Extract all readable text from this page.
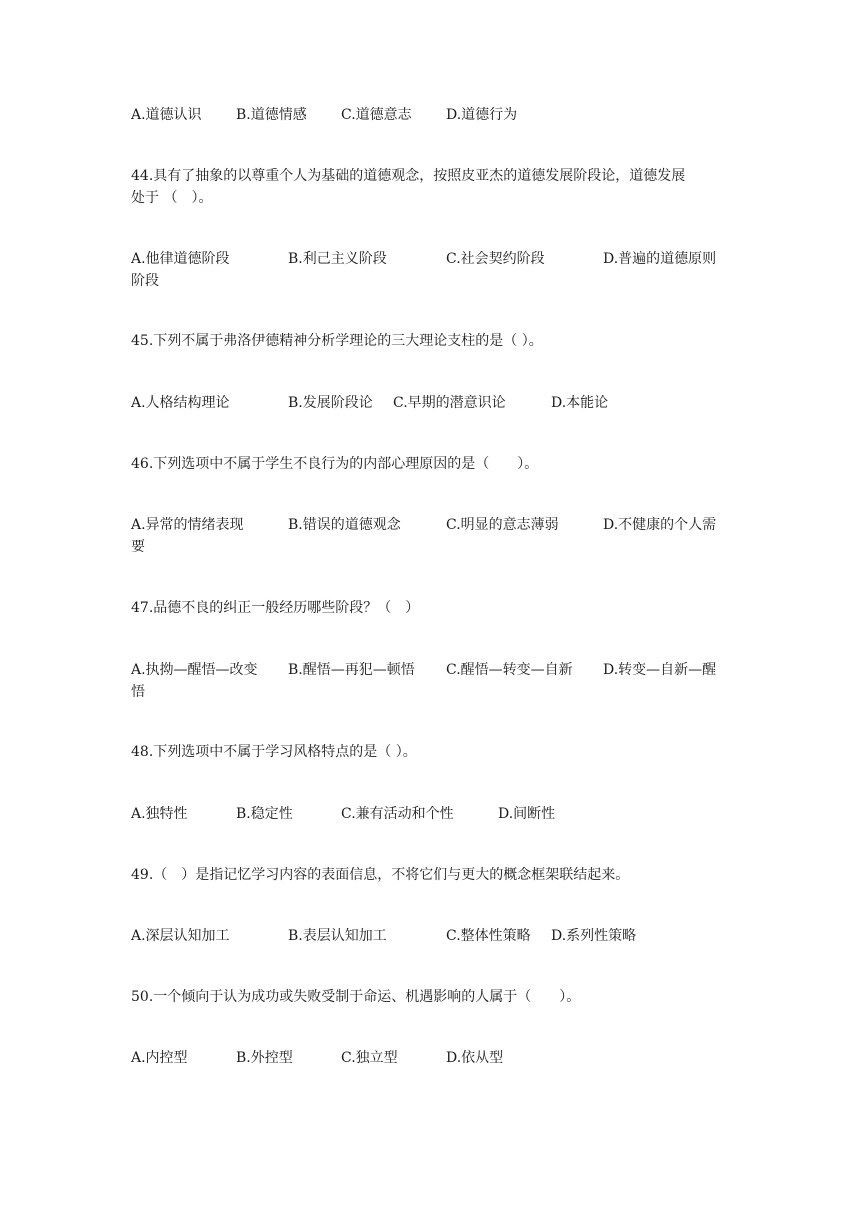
A.道德认识 B.道德情感 C.道德意志 D.道德行为
44.具有了抽象的以尊重个人为基础的道德观念，按照皮亚杰的道德发展阶段论，道德发展
处于 （　）。
A.他律道德阶段	B.利己主义阶段	C.社会契约阶段	D.普遍的道德原则
阶段
45.下列不属于弗洛伊德精神分析学理论的三大理论支柱的是（ ）。
A.人格结构理论	B.发展阶段论 C.早期的潜意识论	D.本能论
46.下列选项中不属于学生不良行为的内部心理原因的是（　　）。
A.异常的情绪表现	B.错误的道德观念	C.明显的意志薄弱	D.不健康的个人需
要
47.品德不良的纠正一般经历哪些阶段？（　）
A.执拗—醒悟—改变 B.醒悟—再犯—顿悟 C.醒悟—转变—自新 D.转变—自新—醒
悟
48.下列选项中不属于学习风格特点的是（ ）。
A.独特性	B.稳定性	C.兼有活动和个性	D.间断性
49.（　）是指记忆学习内容的表面信息，不将它们与更大的概念框架联结起来。
A.深层认知加工	B.表层认知加工	C.整体性策略 D.系列性策略
50.一个倾向于认为成功或失败受制于命运、机遇影响的人属于（　　）。
A.内控型	B.外控型	C.独立型	D.依从型
